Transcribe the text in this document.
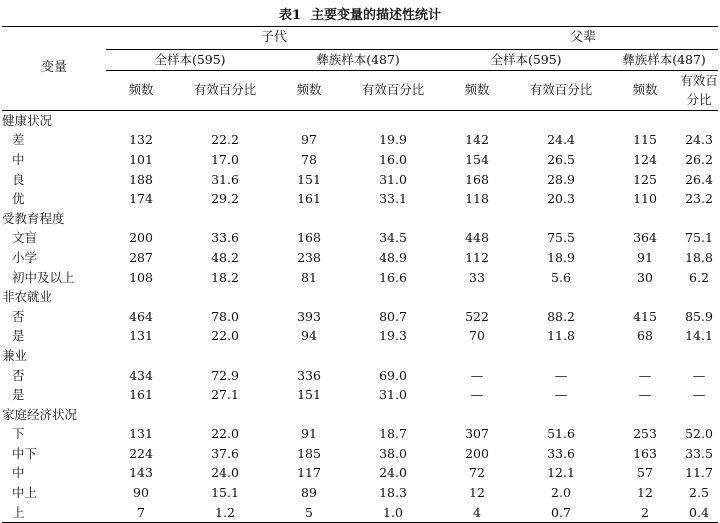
表1 主要变量的描述性统计
变量	子代				父辈			
	全样本(595)		彝族样本(487)		全样本(595)		彝族样本(487)	
	频数	有效百分比	频数	有效百分比	频数	有效百分比	频数	有效百分比
健康状况								
差	132	22.2	97	19.9	142	24.4	115	24.3
中	101	17.0	78	16.0	154	26.5	124	26.2
良	188	31.6	151	31.0	168	28.9	125	26.4
优	174	29.2	161	33.1	118	20.3	110	23.2
受教育程度								
文盲	200	33.6	168	34.5	448	75.5	364	75.1
小学	287	48.2	238	48.9	112	18.9	91	18.8
初中及以上	108	18.2	81	16.6	33	5.6	30	6.2
非农就业								
否	464	78.0	393	80.7	522	88.2	415	85.9
是	131	22.0	94	19.3	70	11.8	68	14.1
兼业								
否	434	72.9	336	69.0	—	—	—	—
是	161	27.1	151	31.0	—	—	—	—
家庭经济状况								
下	131	22.0	91	18.7	307	51.6	253	52.0
中下	224	37.6	185	38.0	200	33.6	163	33.5
中	143	24.0	117	24.0	72	12.1	57	11.7
中上	90	15.1	89	18.3	12	2.0	12	2.5
上	7	1.2	5	1.0	4	0.7	2	0.4
